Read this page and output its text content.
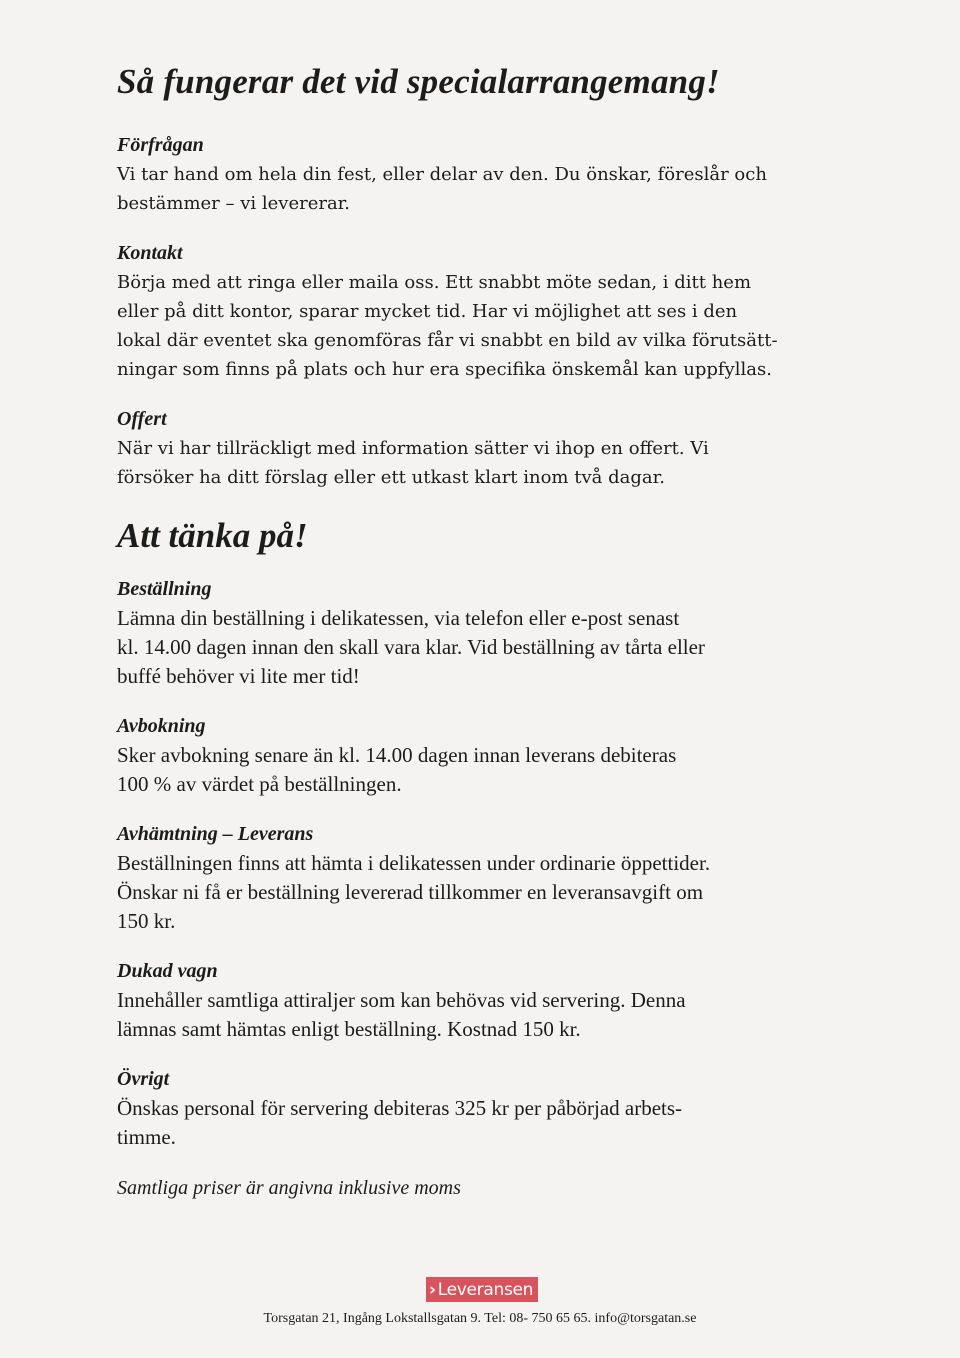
Så fungerar det vid specialarrangemang!
Förfrågan

Vi tar hand om hela din fest, eller delar av den. Du önskar, föreslår och
bestämmer – vi levererar.

Kontakt

Börja med att ringa eller maila oss. Ett snabbt möte sedan, i ditt hem
eller på ditt kontor, sparar mycket tid. Har vi möjlighet att ses i den
lokal där eventet ska genomföras får vi snabbt en bild av vilka förutsätt-
ningar som finns på plats och hur era specifika önskemål kan uppfyllas.

Offert

När vi har tillräckligt med information sätter vi ihop en offert. Vi
försöker ha ditt förslag eller ett utkast klart inom två dagar.

Att tänka på!
Beställning

Lämna din beställning i delikatessen, via telefon eller e-post senast
kl. 14.00 dagen innan den skall vara klar. Vid beställning av tårta eller
buffé behöver vi lite mer tid!

Avbokning

Sker avbokning senare än kl. 14.00 dagen innan leverans debiteras
100 % av värdet på beställningen.

Avhämtning – Leverans

Beställningen finns att hämta i delikatessen under ordinarie öppettider.
Önskar ni få er beställning levererad tillkommer en leveransavgift om
150 kr.

Dukad vagn

Innehåller samtliga attiraljer som kan behövas vid servering. Denna
lämnas samt hämtas enligt beställning. Kostnad 150 kr.

Övrigt

Önskas personal för servering debiteras 325 kr per påbörjad arbets-
timme.

Samtliga priser är angivna inklusive moms
› Leveransen
Torsgatan 21, Ingång Lokstallsgatan 9. Tel: 08- 750 65 65. info@torsgatan.se
